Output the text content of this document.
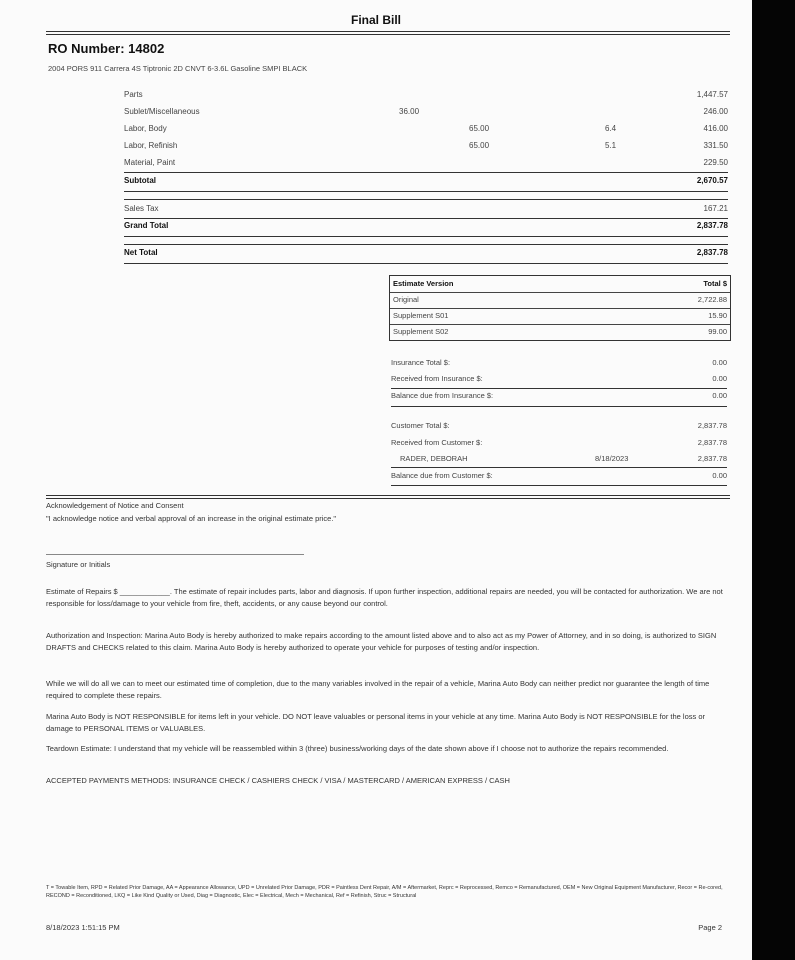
Final Bill
RO Number: 14802
2004 PORS 911 Carrera 4S Tiptronic 2D CNVT 6-3.6L Gasoline SMPI BLACK
Parts	1,447.57
Sublet/Miscellaneous	36.00	246.00
Labor, Body	65.00	6.4	416.00
Labor, Refinish	65.00	5.1	331.50
Material, Paint	229.50
Subtotal	2,670.57
Sales Tax	167.21
Grand Total	2,837.78
Net Total	2,837.78
Estimate Version	Total $
Original	2,722.88
Supplement S01	15.90
Supplement S02	99.00
Insurance Total $:	0.00
Received from Insurance $:	0.00
Balance due from Insurance $:	0.00
Customer Total $:	2,837.78
Received from Customer $:	2,837.78
RADER, DEBORAH	8/18/2023	2,837.78
Balance due from Customer $:	0.00
Acknowledgement of Notice and Consent
"I acknowledge notice and verbal approval of an increase in the original estimate price."
Signature or Initials
Estimate of Repairs $ ____________. The estimate of repair includes parts, labor and diagnosis. If upon further inspection, additional repairs are needed, you will be contacted for authorization. We are not responsible for loss/damage to your vehicle from fire, theft, accidents, or any cause beyond our control.
Authorization and Inspection: Marina Auto Body is hereby authorized to make repairs according to the amount listed above and to also act as my Power of Attorney, and in so doing, is authorized to SIGN DRAFTS and CHECKS related to this claim. Marina Auto Body is hereby authorized to operate your vehicle for purposes of testing and/or inspection.
While we will do all we can to meet our estimated time of completion, due to the many variables involved in the repair of a vehicle, Marina Auto Body can neither predict nor guarantee the length of time required to complete these repairs.
Marina Auto Body is NOT RESPONSIBLE for items left in your vehicle. DO NOT leave valuables or personal items in your vehicle at any time. Marina Auto Body is NOT RESPONSIBLE for the loss or damage to PERSONAL ITEMS or VALUABLES.
Teardown Estimate: I understand that my vehicle will be reassembled within 3 (three) business/working days of the date shown above if I choose not to authorize the repairs recommended.
ACCEPTED PAYMENTS METHODS: INSURANCE CHECK / CASHIERS CHECK / VISA / MASTERCARD / AMERICAN EXPRESS / CASH
T = Towable Item, RPD = Related Prior Damage, AA = Appearance Allowance, UPD = Unrelated Prior Damage, PDR = Paintless Dent Repair, A/M = Aftermarket, Reprc = Reprocessed, Remco = Remanufactured, OEM = New Original Equipment Manufacturer, Recor = Re-cored, RECOND = Reconditioned, LKQ = Like Kind Quality or Used, Diag = Diagnostic, Elec = Electrical, Mech = Mechanical, Ref = Refinish, Struc = Structural
8/18/2023 1:51:15 PM	Page 2
